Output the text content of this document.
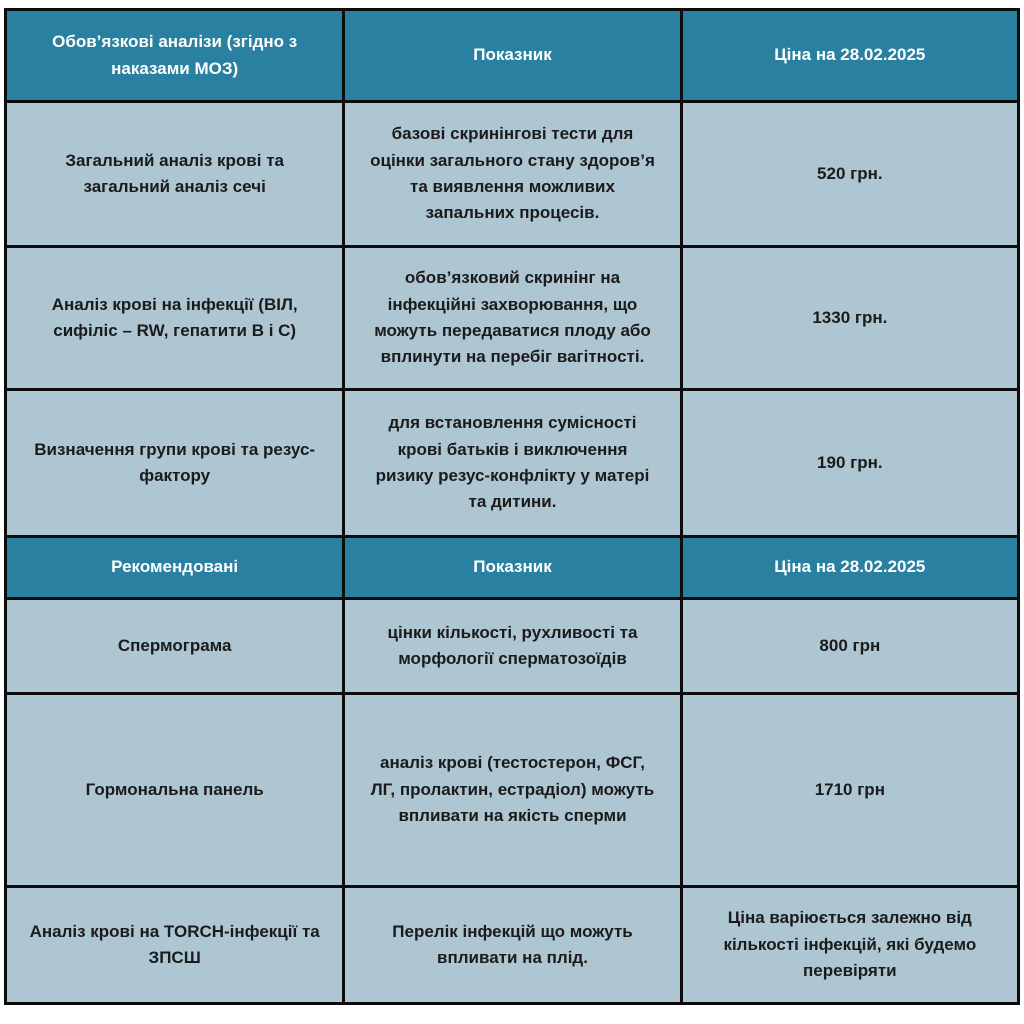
Обов’язкові аналізи (згідно з наказами МОЗ)	Показник	Ціна на 28.02.2025
Загальний аналіз крові та загальний аналіз сечі	базові скринінгові тести для оцінки загального стану здоров’я та виявлення можливих запальних процесів.	520 грн.
Аналіз крові на інфекції (ВІЛ, сифіліс – RW, гепатити B і C)	обов’язковий скринінг на інфекційні захворювання, що можуть передаватися плоду або вплинути на перебіг вагітності.	1330 грн.
Визначення групи крові та резус-фактору	для встановлення сумісності крові батьків і виключення ризику резус-конфлікту у матері та дитини.	190 грн.
Рекомендовані	Показник	Ціна на 28.02.2025
Спермограма	цінки кількості, рухливості та морфології сперматозоїдів	800 грн
Гормональна панель	аналіз крові (тестостерон, ФСГ, ЛГ, пролактин, естрадіол) можуть впливати на якість сперми	1710 грн
Аналіз крові на TORCH-інфекції та ЗПСШ	Перелік інфекцій що можуть впливати на плід.	Ціна варіюється залежно від кількості інфекцій, які будемо перевіряти
